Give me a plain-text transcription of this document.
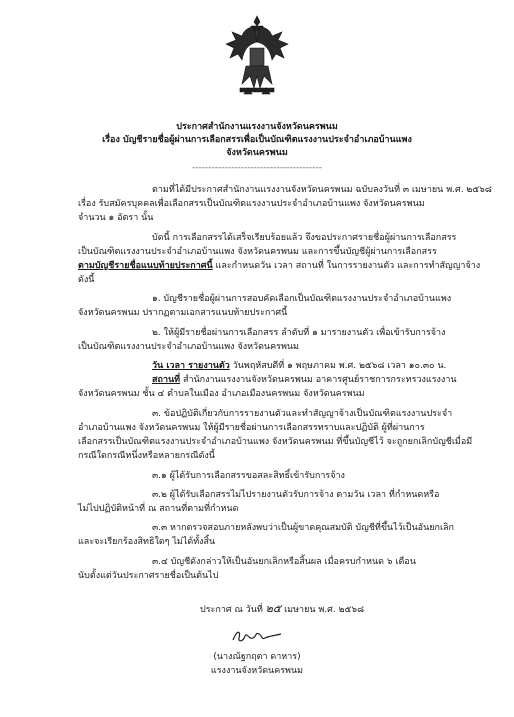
ประกาศสำนักงานแรงงานจังหวัดนครพนม
เรื่อง บัญชีรายชื่อผู้ผ่านการเลือกสรรเพื่อเป็นบัณฑิตแรงงานประจำอำเภอบ้านแพง
จังหวัดนครพนม
----------------------------------------
ตามที่ได้มีประกาศสำนักงานแรงงานจังหวัดนครพนม ฉบับลงวันที่ ๓ เมษายน พ.ศ. ๒๕๖๘
เรื่อง รับสมัครบุคคลเพื่อเลือกสรรเป็นบัณฑิตแรงงานประจำอำเภอบ้านแพง จังหวัดนครพนม
จำนวน ๑ อัตรา นั้น
บัดนี้ การเลือกสรรได้เสร็จเรียบร้อยแล้ว จึงขอประกาศรายชื่อผู้ผ่านการเลือกสรร
เป็นบัณฑิตแรงงานประจำอำเภอบ้านแพง จังหวัดนครพนม และการขึ้นบัญชีผู้ผ่านการเลือกสรร
ตามบัญชีรายชื่อแนบท้ายประกาศนี้ และกำหนดวัน เวลา สถานที่ ในการรายงานตัว และการทำสัญญาจ้าง
ดังนี้
๑. บัญชีรายชื่อผู้ผ่านการสอบคัดเลือกเป็นบัณฑิตแรงงานประจำอำเภอบ้านแพง
จังหวัดนครพนม ปรากฏตามเอกสารแนบท้ายประกาศนี้
๒. ให้ผู้มีรายชื่อผ่านการเลือกสรร ลำดับที่ ๑ มารายงานตัว เพื่อเข้ารับการจ้าง
เป็นบัณฑิตแรงงานประจำอำเภอบ้านแพง จังหวัดนครพนม
วัน เวลา รายงานตัว วันพฤหัสบดีที่ ๑ พฤษภาคม พ.ศ. ๒๕๖๘ เวลา ๑๐.๓๐ น.
สถานที่ สำนักงานแรงงานจังหวัดนครพนม อาคารศูนย์ราชการกระทรวงแรงงาน
จังหวัดนครพนม ชั้น ๔ ตำบลในเมือง อำเภอเมืองนครพนม จังหวัดนครพนม
๓. ข้อปฏิบัติเกี่ยวกับการรายงานตัวและทำสัญญาจ้างเป็นบัณฑิตแรงงานประจำ
อำเภอบ้านแพง จังหวัดนครพนม ให้ผู้มีรายชื่อผ่านการเลือกสรรทราบและปฏิบัติ ผู้ที่ผ่านการ
เลือกสรรเป็นบัณฑิตแรงงานประจำอำเภอบ้านแพง จังหวัดนครพนม ที่ขึ้นบัญชีไว้ จะถูกยกเลิกบัญชีเมื่อมี
กรณีใดกรณีหนึ่งหรือหลายกรณีดังนี้
๓.๑ ผู้ได้รับการเลือกสรรขอสละสิทธิ์เข้ารับการจ้าง
๓.๒ ผู้ได้รับเลือกสรรไม่ไปรายงานตัวรับการจ้าง ตามวัน เวลา ที่กำหนดหรือ
ไม่ไปปฏิบัติหน้าที่ ณ สถานที่ตามที่กำหนด
๓.๓ หากตรวจสอบภายหลังพบว่าเป็นผู้ขาดคุณสมบัติ บัญชีที่ขึ้นไว้เป็นอันยกเลิก
และจะเรียกร้องสิทธิใดๆ ไม่ได้ทั้งสิ้น
๓.๔ บัญชีดังกล่าวให้เป็นอันยกเลิกหรือสิ้นผล เมื่อครบกำหนด ๖ เดือน
นับตั้งแต่วันประกาศรายชื่อเป็นต้นไป
ประกาศ ณ วันที่ ๒๕ เมษายน พ.ศ. ๒๕๖๘
(นางณัฐกฤตา ดาหาร)
แรงงานจังหวัดนครพนม
